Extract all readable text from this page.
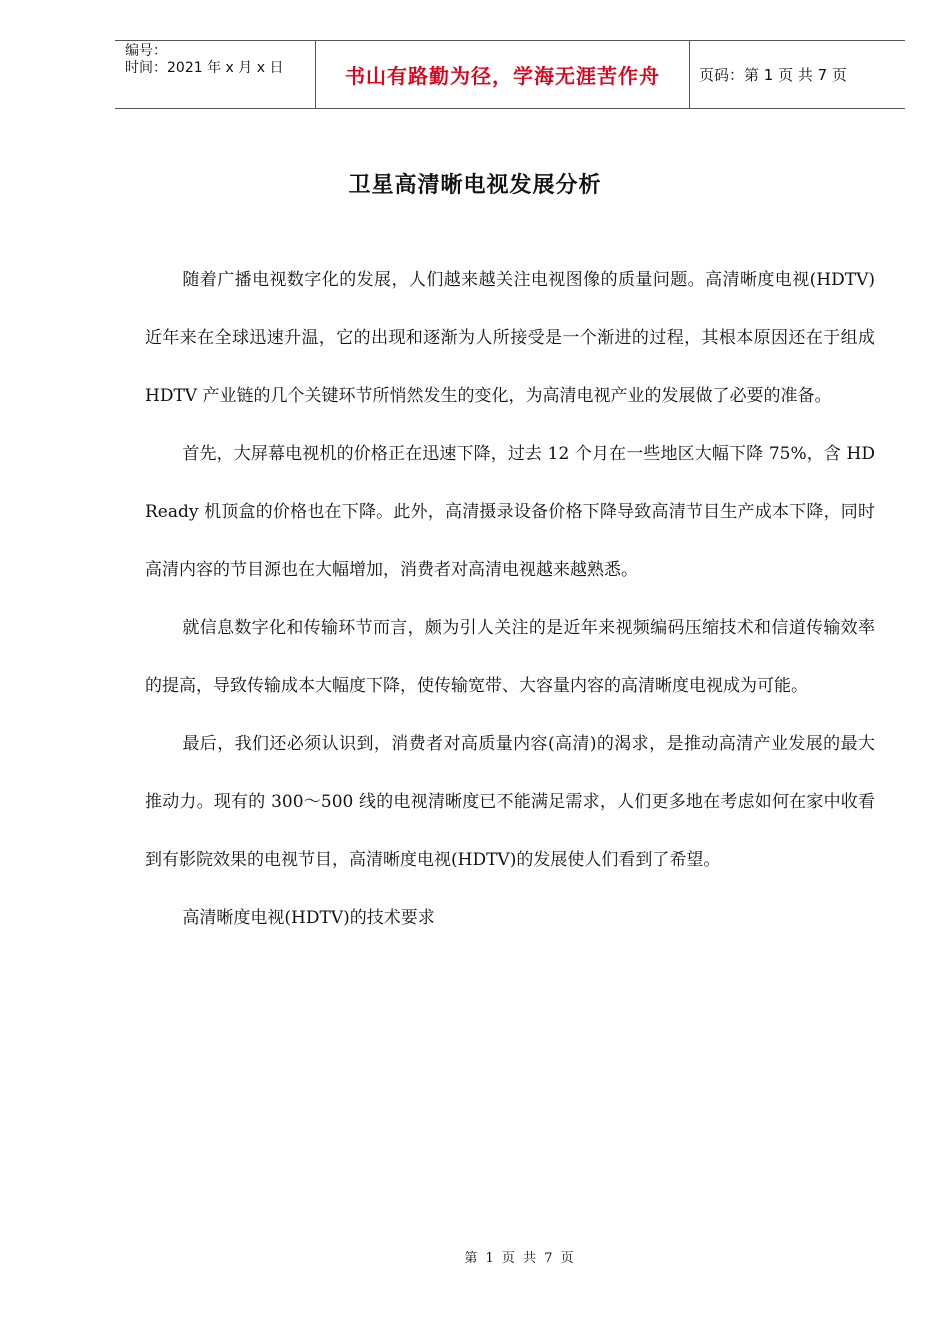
编号：
时间：2021 年 x 月 x 日	书山有路勤为径，学海无涯苦作舟	页码：第 1 页 共 7 页
卫星高清晰电视发展分析

随着广播电视数字化的发展，人们越来越关注电视图像的质量问题。高清晰度电视(HDTV)近年来在全球迅速升温，它的出现和逐渐为人所接受是一个渐进的过程，其根本原因还在于组成 HDTV 产业链的几个关键环节所悄然发生的变化，为高清电视产业的发展做了必要的准备。

首先，大屏幕电视机的价格正在迅速下降，过去 12 个月在一些地区大幅下降 75%，含 HD Ready 机顶盒的价格也在下降。此外，高清摄录设备价格下降导致高清节目生产成本下降，同时高清内容的节目源也在大幅增加，消费者对高清电视越来越熟悉。

就信息数字化和传输环节而言，颇为引人关注的是近年来视频编码压缩技术和信道传输效率的提高，导致传输成本大幅度下降，使传输宽带、大容量内容的高清晰度电视成为可能。

最后，我们还必须认识到，消费者对高质量内容(高清)的渴求，是推动高清产业发展的最大推动力。现有的 300～500 线的电视清晰度已不能满足需求，人们更多地在考虑如何在家中收看到有影院效果的电视节目，高清晰度电视(HDTV)的发展使人们看到了希望。

高清晰度电视(HDTV)的技术要求

第 1 页 共 7 页
